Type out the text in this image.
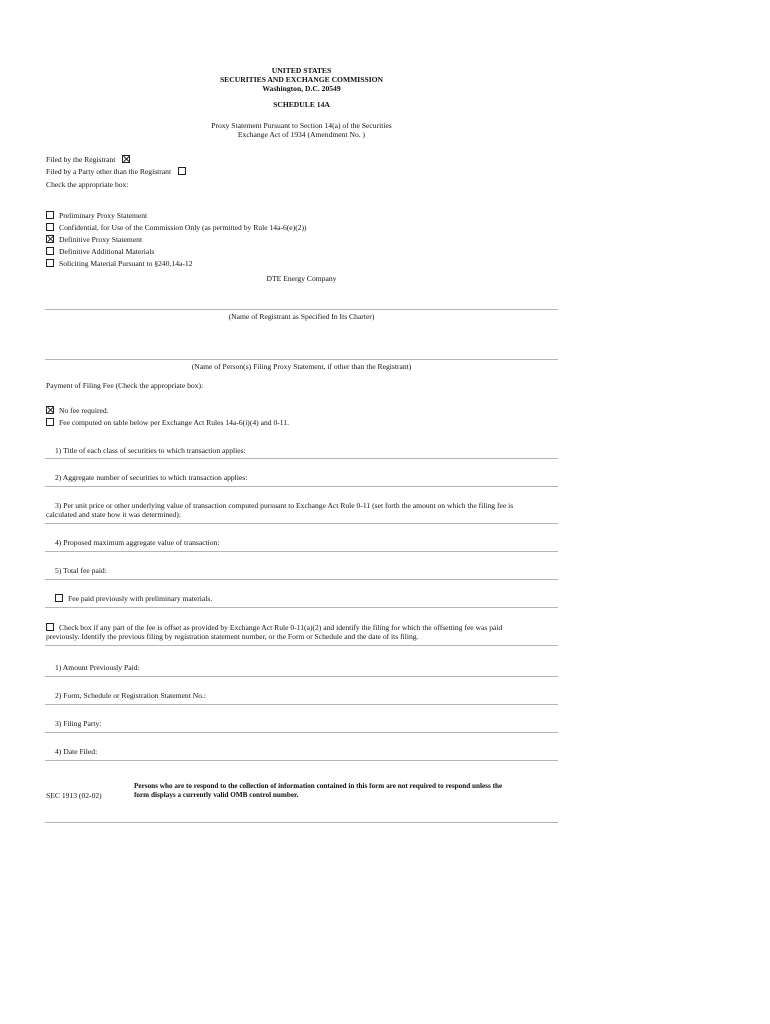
UNITED STATES
SECURITIES AND EXCHANGE COMMISSION
Washington, D.C. 20549
SCHEDULE 14A
Proxy Statement Pursuant to Section 14(a) of the Securities
Exchange Act of 1934 (Amendment No. )
Filed by the Registrant
Filed by a Party other than the Registrant
Check the appropriate box:
Preliminary Proxy Statement
Confidential, for Use of the Commission Only (as permitted by Rule 14a-6(e)(2))
Definitive Proxy Statement
Definitive Additional Materials
Soliciting Material Pursuant to §240.14a-12
DTE Energy Company
(Name of Registrant as Specified In Its Charter)
(Name of Person(s) Filing Proxy Statement, if other than the Registrant)
Payment of Filing Fee (Check the appropriate box):
No fee required.
Fee computed on table below per Exchange Act Rules 14a-6(i)(4) and 0-11.
1) Title of each class of securities to which transaction applies:
2) Aggregate number of securities to which transaction applies:
3) Per unit price or other underlying value of transaction computed pursuant to Exchange Act Rule 0-11 (set forth the amount on which the filing fee is
calculated and state how it was determined):
4) Proposed maximum aggregate value of transaction:
5) Total fee paid:
Fee paid previously with preliminary materials.
Check box if any part of the fee is offset as provided by Exchange Act Rule 0-11(a)(2) and identify the filing for which the offsetting fee was paid
previously. Identify the previous filing by registration statement number, or the Form or Schedule and the date of its filing.
1) Amount Previously Paid:
2) Form, Schedule or Registration Statement No.:
3) Filing Party:
4) Date Filed:
SEC 1913 (02-02)
Persons who are to respond to the collection of information contained in this form are not required to respond unless the
form displays a currently valid OMB control number.
